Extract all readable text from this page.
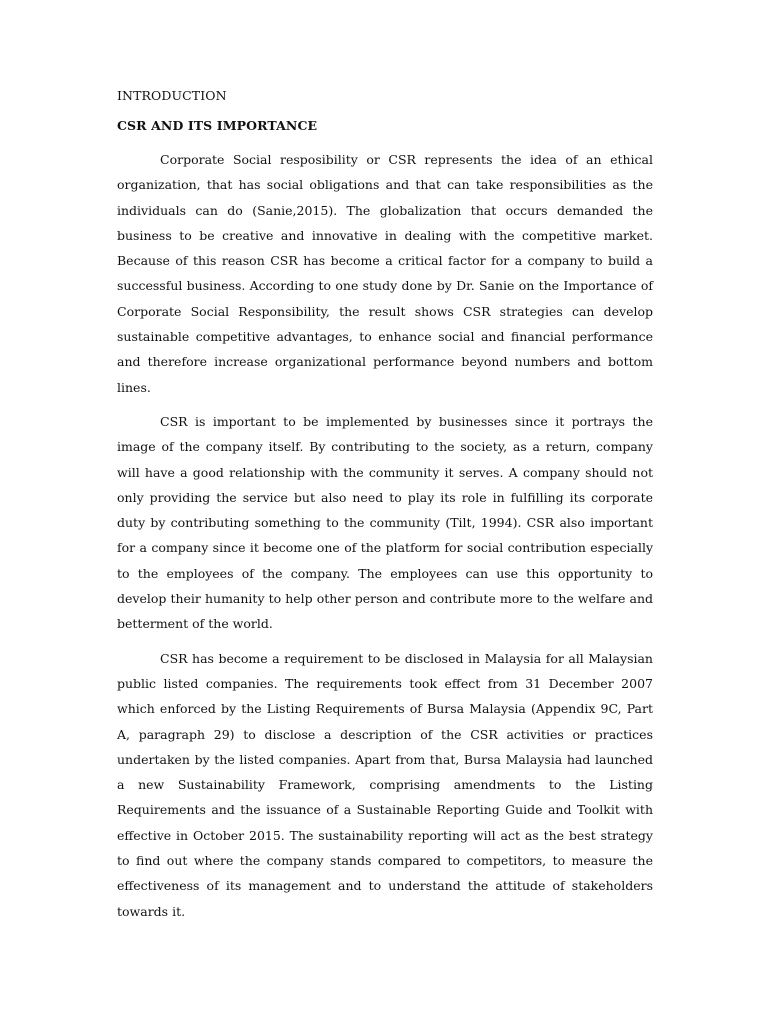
INTRODUCTION

CSR AND ITS IMPORTANCE

Corporate Social resposibility or CSR represents the idea of an ethical organization, that has social obligations and that can take responsibilities as the individuals can do (Sanie,2015). The globalization that occurs demanded the business to be creative and innovative in dealing with the competitive market. Because of this reason CSR has become a critical factor for a company to build a successful business. According to one study done by Dr. Sanie on the Importance of Corporate Social Responsibility, the result shows CSR strategies can develop sustainable competitive advantages, to enhance social and financial performance and therefore increase organizational performance beyond numbers and bottom lines.

CSR is important to be implemented by businesses since it portrays the image of the company itself. By contributing to the society, as a return, company will have a good relationship with the community it serves. A company should not only providing the service but also need to play its role in fulfilling its corporate duty by contributing something to the community (Tilt, 1994). CSR also important for a company since it become one of the platform for social contribution especially to the employees of the company. The employees can use this opportunity to develop their humanity to help other person and contribute more to the welfare and betterment of the world.

CSR has become a requirement to be disclosed in Malaysia for all Malaysian public listed companies. The requirements took effect from 31 December 2007 which enforced by the Listing Requirements of Bursa Malaysia (Appendix 9C, Part A, paragraph 29) to disclose a description of the CSR activities or practices undertaken by the listed companies. Apart from that, Bursa Malaysia had launched a new Sustainability Framework, comprising amendments to the Listing Requirements and the issuance of a Sustainable Reporting Guide and Toolkit with effective in October 2015. The sustainability reporting will act as the best strategy to find out where the company stands compared to competitors, to measure the effectiveness of its management and to understand the attitude of stakeholders towards it.
